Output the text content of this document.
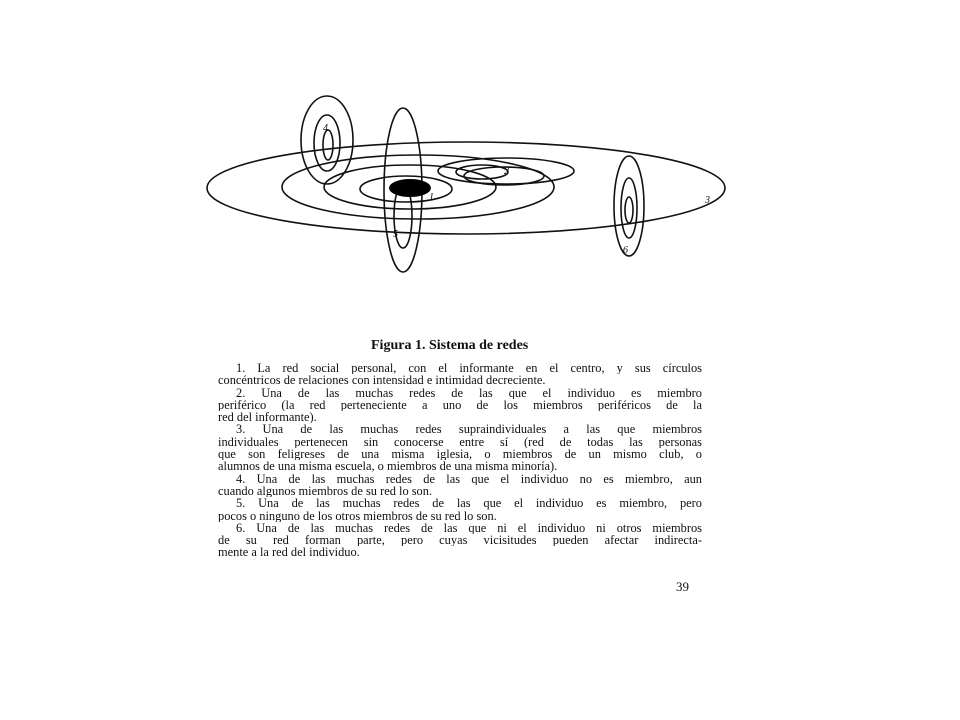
1
2
3
4
5
6
Figura 1. Sistema de redes
1. La red social personal, con el informante en el centro, y sus círculos
concéntricos de relaciones con intensidad e intimidad decreciente.
2. Una de las muchas redes de las que el individuo es miembro
periférico (la red perteneciente a uno de los miembros periféricos de la
red del informante).
3. Una de las muchas redes supraindividuales a las que miembros
individuales pertenecen sin conocerse entre sí (red de todas las personas
que son feligreses de una misma iglesia, o miembros de un mismo club, o
alumnos de una misma escuela, o miembros de una misma minoría).
4. Una de las muchas redes de las que el individuo no es miembro, aun
cuando algunos miembros de su red lo son.
5. Una de las muchas redes de las que el individuo es miembro, pero
pocos o ninguno de los otros miembros de su red lo son.
6. Una de las muchas redes de las que ni el individuo ni otros miembros
de su red forman parte, pero cuyas vicisitudes pueden afectar indirecta-
mente a la red del individuo.
39
